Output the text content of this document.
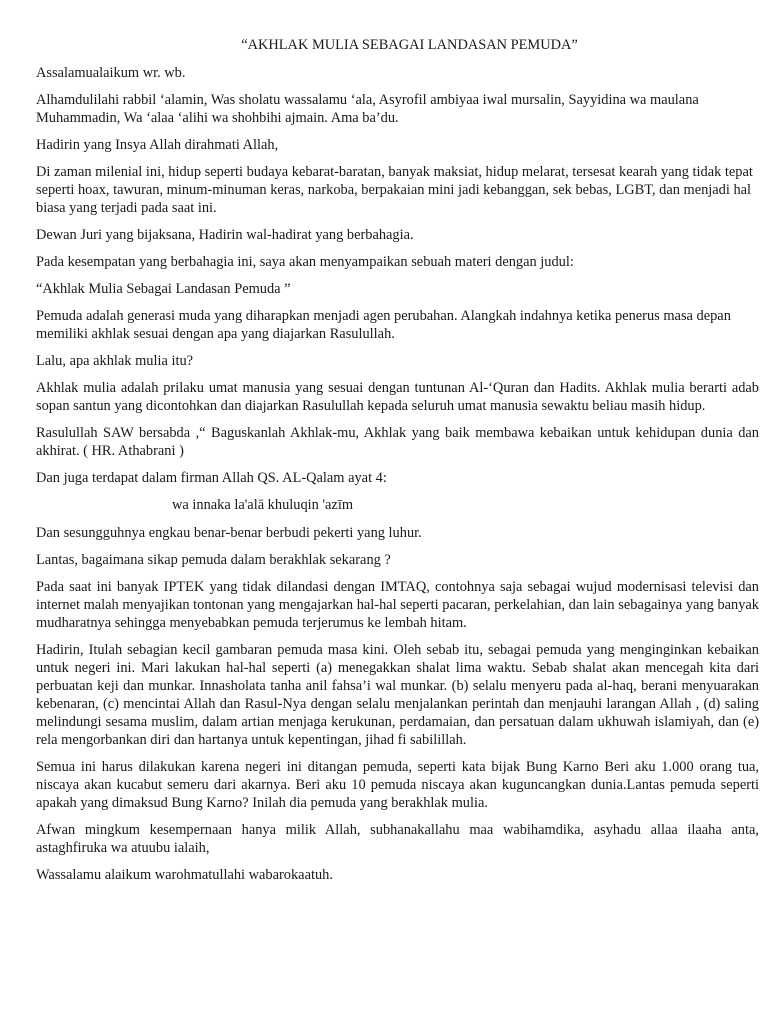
“AKHLAK MULIA SEBAGAI LANDASAN PEMUDA”

Assalamualaikum wr. wb.

Alhamdulilahi rabbil ‘alamin, Was sholatu wassalamu ‘ala, Asyrofil ambiyaa iwal mursalin, Sayyidina wa maulana Muhammadin, Wa ‘alaa ‘alihi wa shohbihi ajmain. Ama ba’du.

Hadirin yang Insya Allah dirahmati Allah,

Di zaman milenial ini, hidup seperti budaya kebarat-baratan, banyak maksiat, hidup melarat, tersesat kearah yang tidak tepat seperti hoax, tawuran, minum-minuman keras, narkoba, berpakaian mini jadi kebanggan, sek bebas, LGBT, dan menjadi hal biasa yang terjadi pada saat ini.

Dewan Juri yang bijaksana, Hadirin wal-hadirat yang berbahagia.

Pada kesempatan yang berbahagia ini, saya akan menyampaikan sebuah materi dengan judul:

“Akhlak Mulia Sebagai Landasan Pemuda ”

Pemuda adalah generasi muda yang diharapkan menjadi agen perubahan. Alangkah indahnya ketika penerus masa depan memiliki akhlak sesuai dengan apa yang diajarkan Rasulullah.

Lalu, apa akhlak mulia itu?

Akhlak mulia adalah prilaku umat manusia yang sesuai dengan tuntunan Al-‘Quran dan Hadits. Akhlak mulia berarti adab sopan santun yang dicontohkan dan diajarkan Rasulullah kepada seluruh umat manusia sewaktu beliau masih hidup.

Rasulullah SAW bersabda ,“ Baguskanlah Akhlak-mu, Akhlak yang baik membawa kebaikan untuk kehidupan dunia dan akhirat. ( HR. Athabrani )

Dan juga terdapat dalam firman Allah QS. AL-Qalam ayat 4:

wa innaka la'alā khuluqin 'azīm

Dan sesungguhnya engkau benar-benar berbudi pekerti yang luhur.

Lantas, bagaimana sikap pemuda dalam berakhlak sekarang ?

Pada saat ini banyak IPTEK yang tidak dilandasi dengan IMTAQ, contohnya saja sebagai wujud modernisasi televisi dan internet malah menyajikan tontonan yang mengajarkan hal-hal seperti pacaran, perkelahian, dan lain sebagainya yang banyak mudharatnya sehingga menyebabkan pemuda terjerumus ke lembah hitam.

Hadirin, Itulah sebagian kecil gambaran pemuda masa kini. Oleh sebab itu, sebagai pemuda yang menginginkan kebaikan untuk negeri ini. Mari lakukan hal-hal seperti (a) menegakkan shalat lima waktu. Sebab shalat akan mencegah kita dari perbuatan keji dan munkar. Innasholata tanha anil fahsa’i wal munkar. (b) selalu menyeru pada al-haq, berani menyuarakan kebenaran, (c) mencintai Allah dan Rasul-Nya dengan selalu menjalankan perintah dan menjauhi larangan Allah , (d) saling melindungi sesama muslim, dalam artian menjaga kerukunan, perdamaian, dan persatuan dalam ukhuwah islamiyah, dan (e) rela mengorbankan diri dan hartanya untuk kepentingan, jihad fi sabilillah.

Semua ini harus dilakukan karena negeri ini ditangan pemuda, seperti kata bijak Bung Karno Beri aku 1.000 orang tua, niscaya akan kucabut semeru dari akarnya. Beri aku 10 pemuda niscaya akan kuguncangkan dunia.Lantas pemuda seperti apakah yang dimaksud Bung Karno? Inilah dia pemuda yang berakhlak mulia.

Afwan mingkum kesempernaan hanya milik Allah, subhanakallahu maa wabihamdika, asyhadu allaa ilaaha anta, astaghfiruka wa atuubu ialaih,

Wassalamu alaikum warohmatullahi wabarokaatuh.
